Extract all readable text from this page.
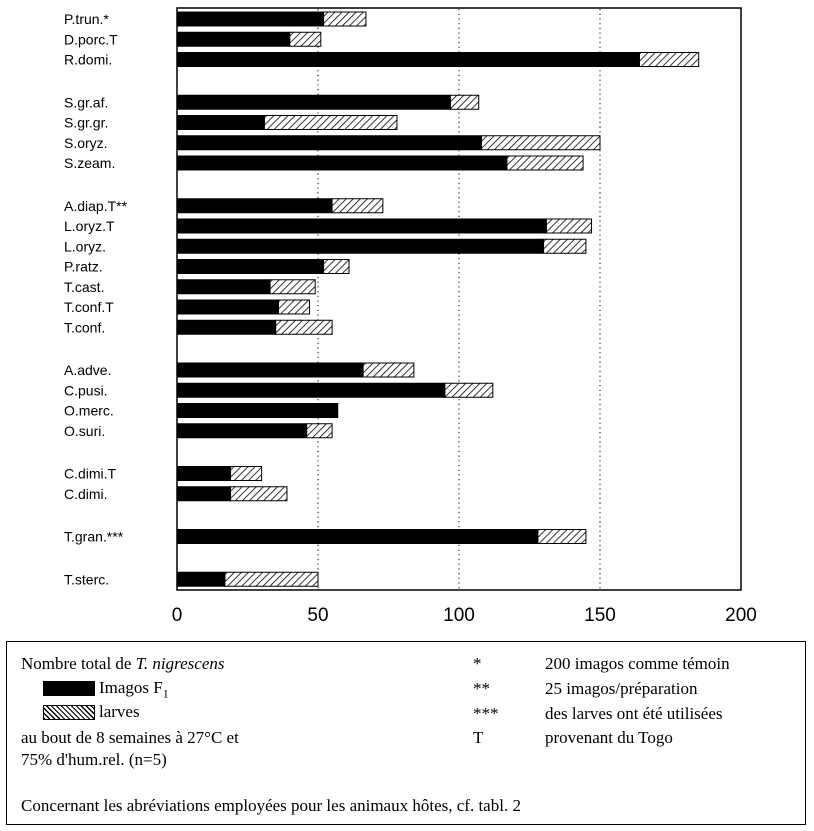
P.trun.*
D.porc.T
R.domi.
S.gr.af.
S.gr.gr.
S.oryz.
S.zeam.
A.diap.T**
L.oryz.T
L.oryz.
P.ratz.
T.cast.
T.conf.T
T.conf.
A.adve.
C.pusi.
O.merc.
O.suri.
C.dimi.T
C.dimi.
T.gran.***
T.sterc.
0	50	100	150	200
Nombre total de T. nigrescens
Imagos $F_1$
larves
au bout de 8 semaines à 27°C et
75% d'hum.rel. (n=5)
*	200 imagos comme témoin
**	25 imagos/préparation
***	des larves ont été utilisées
T	provenant du Togo
Concernant les abréviations employées pour les animaux hôtes, cf. tabl. 2
